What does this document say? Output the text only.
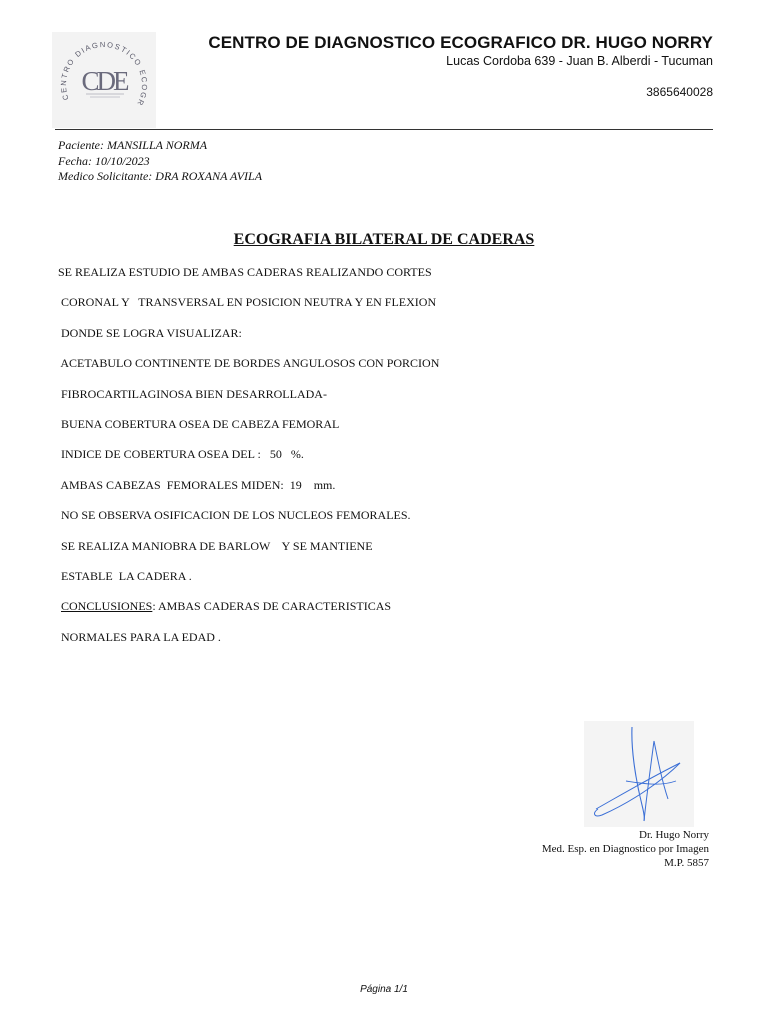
CENTRO DIAGNOSTICO ECOGR
CDE
CENTRO DE DIAGNOSTICO ECOGRAFICO DR. HUGO NORRY
Lucas Cordoba 639 - Juan B. Alberdi - Tucuman
3865640028
Paciente: MANSILLA NORMA
Fecha: 10/10/2023
Medico Solicitante: DRA ROXANA AVILA
ECOGRAFIA BILATERAL DE CADERAS
SE REALIZA ESTUDIO DE AMBAS CADERAS REALIZANDO CORTES
CORONAL Y   TRANSVERSAL EN POSICION NEUTRA Y EN FLEXION
DONDE SE LOGRA VISUALIZAR:
ACETABULO CONTINENTE DE BORDES ANGULOSOS CON PORCION
FIBROCARTILAGINOSA BIEN DESARROLLADA-
BUENA COBERTURA OSEA DE CABEZA FEMORAL
INDICE DE COBERTURA OSEA DEL :   50   %.
AMBAS CABEZAS  FEMORALES MIDEN:  19    mm.
NO SE OBSERVA OSIFICACION DE LOS NUCLEOS FEMORALES.
SE REALIZA MANIOBRA DE BARLOW    Y SE MANTIENE
ESTABLE  LA CADERA .
CONCLUSIONES: AMBAS CADERAS DE CARACTERISTICAS
NORMALES PARA LA EDAD .
Dr. Hugo Norry
Med. Esp. en Diagnostico por Imagen
M.P. 5857
Página 1/1
